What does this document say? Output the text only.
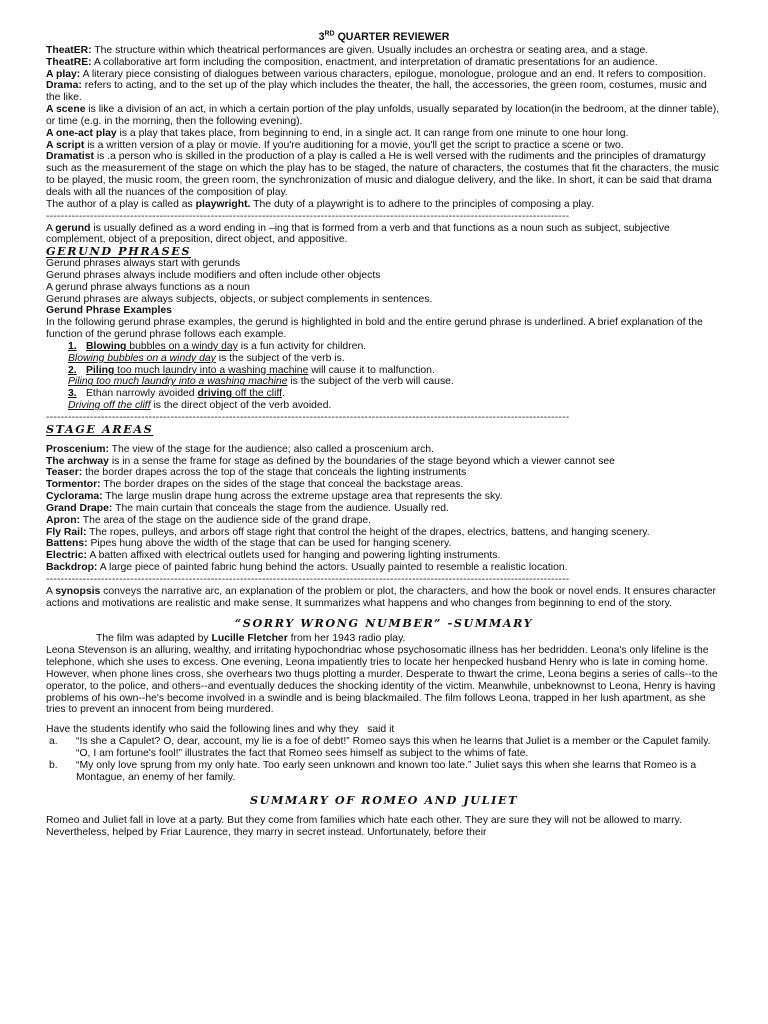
3RD QUARTER REVIEWER

TheatER: The structure within which theatrical performances are given. Usually includes an orchestra or seating area, and a stage.

TheatRE: A collaborative art form including the composition, enactment, and interpretation of dramatic presentations for an audience.

A play: A literary piece consisting of dialogues between various characters, epilogue, monologue, prologue and an end. It refers to composition.

Drama: refers to acting, and to the set up of the play which includes the theater, the hall, the accessories, the green room, costumes, music and the like.

A scene is like a division of an act, in which a certain portion of the play unfolds, usually separated by location(in the bedroom, at the dinner table), or time (e.g. in the morning, then the following evening).

A one-act play is a play that takes place, from beginning to end, in a single act. It can range from one minute to one hour long.

A script is a written version of a play or movie. If you're auditioning for a movie, you'll get the script to practice a scene or two.

Dramatist is .a person who is skilled in the production of a play is called a He is well versed with the rudiments and the principles of dramaturgy such as the measurement of the stage on which the play has to be staged, the nature of characters, the costumes that fit the characters, the music to be played, the music room, the green room, the synchronization of music and dialogue delivery, and the like. In short, it can be said that drama deals with all the nuances of the composition of play.

The author of a play is called as playwright. The duty of a playwright is to adhere to the principles of composing a play.

-----------------------------------------------------------------------------------------------------------------------------------------------

A gerund is usually defined as a word ending in –ing that is formed from a verb and that functions as a noun such as subject, subjective complement, object of a preposition, direct object, and appositive.

GERUND PHRASES

Gerund phrases always start with gerunds

Gerund phrases always include modifiers and often include other objects

A gerund phrase always functions as a noun

Gerund phrases are always subjects, objects, or subject complements in sentences.

Gerund Phrase Examples

In the following gerund phrase examples, the gerund is highlighted in bold and the entire gerund phrase is underlined. A brief explanation of the function of the gerund phrase follows each example.

1. Blowing bubbles on a windy day is a fun activity for children.

Blowing bubbles on a windy day is the subject of the verb is.

2. Piling too much laundry into a washing machine will cause it to malfunction.

Piling too much laundry into a washing machine is the subject of the verb will cause.

3. Ethan narrowly avoided driving off the cliff.

Driving off the cliff is the direct object of the verb avoided.

-----------------------------------------------------------------------------------------------------------------------------------------------
STAGE AREAS

Proscenium: The view of the stage for the audience; also called a proscenium arch.

The archway is in a sense the frame for stage as defined by the boundaries of the stage beyond which a viewer cannot see

Teaser: the border drapes across the top of the stage that conceals the lighting instruments

Tormentor: The border drapes on the sides of the stage that conceal the backstage areas.

Cyclorama: The large muslin drape hung across the extreme upstage area that represents the sky.

Grand Drape: The main curtain that conceals the stage from the audience. Usually red.

Apron: The area of the stage on the audience side of the grand drape.

Fly Rail: The ropes, pulleys, and arbors off stage right that control the height of the drapes, electrics, battens, and hanging scenery.

Battens: Pipes hung above the width of the stage that can be used for hanging scenery.

Electric: A batten affixed with electrical outlets used for hanging and powering lighting instruments.

Backdrop: A large piece of painted fabric hung behind the actors. Usually painted to resemble a realistic location.

-----------------------------------------------------------------------------------------------------------------------------------------------

A synopsis conveys the narrative arc, an explanation of the problem or plot, the characters, and how the book or novel ends. It ensures character actions and motivations are realistic and make sense. It summarizes what happens and who changes from beginning to end of the story.

“SORRY WRONG NUMBER” -SUMMARY

The film was adapted by Lucille Fletcher from her 1943 radio play.

Leona Stevenson is an alluring, wealthy, and irritating hypochondriac whose psychosomatic illness has her bedridden. Leona's only lifeline is the telephone, which she uses to excess. One evening, Leona impatiently tries to locate her henpecked husband Henry who is late in coming home. However, when phone lines cross, she overhears two thugs plotting a murder. Desperate to thwart the crime, Leona begins a series of calls--to the operator, to the police, and others--and eventually deduces the shocking identity of the victim. Meanwhile, unbeknownst to Leona, Henry is having problems of his own--he's become involved in a swindle and is being blackmailed. The film follows Leona, trapped in her lush apartment, as she tries to prevent an innocent from being murdered.

Have the students identify who said the following lines and why they   said it

a. “Is she a Capulet? O, dear, account, my lie is a foe of debt!” Romeo says this when he learns that Juliet is a member or the Capulet family. “O, I am fortune's fool!” illustrates the fact that Romeo sees himself as subject to the whims of fate.
b. “My only love sprung from my only hate. Too early seen unknown and known too late.” Juliet says this when she learns that Romeo is a Montague, an enemy of her family.
SUMMARY OF ROMEO AND JULIET

Romeo and Juliet fall in love at a party. But they come from families which hate each other. They are sure they will not be allowed to marry. Nevertheless, helped by Friar Laurence, they marry in secret instead. Unfortunately, before their
